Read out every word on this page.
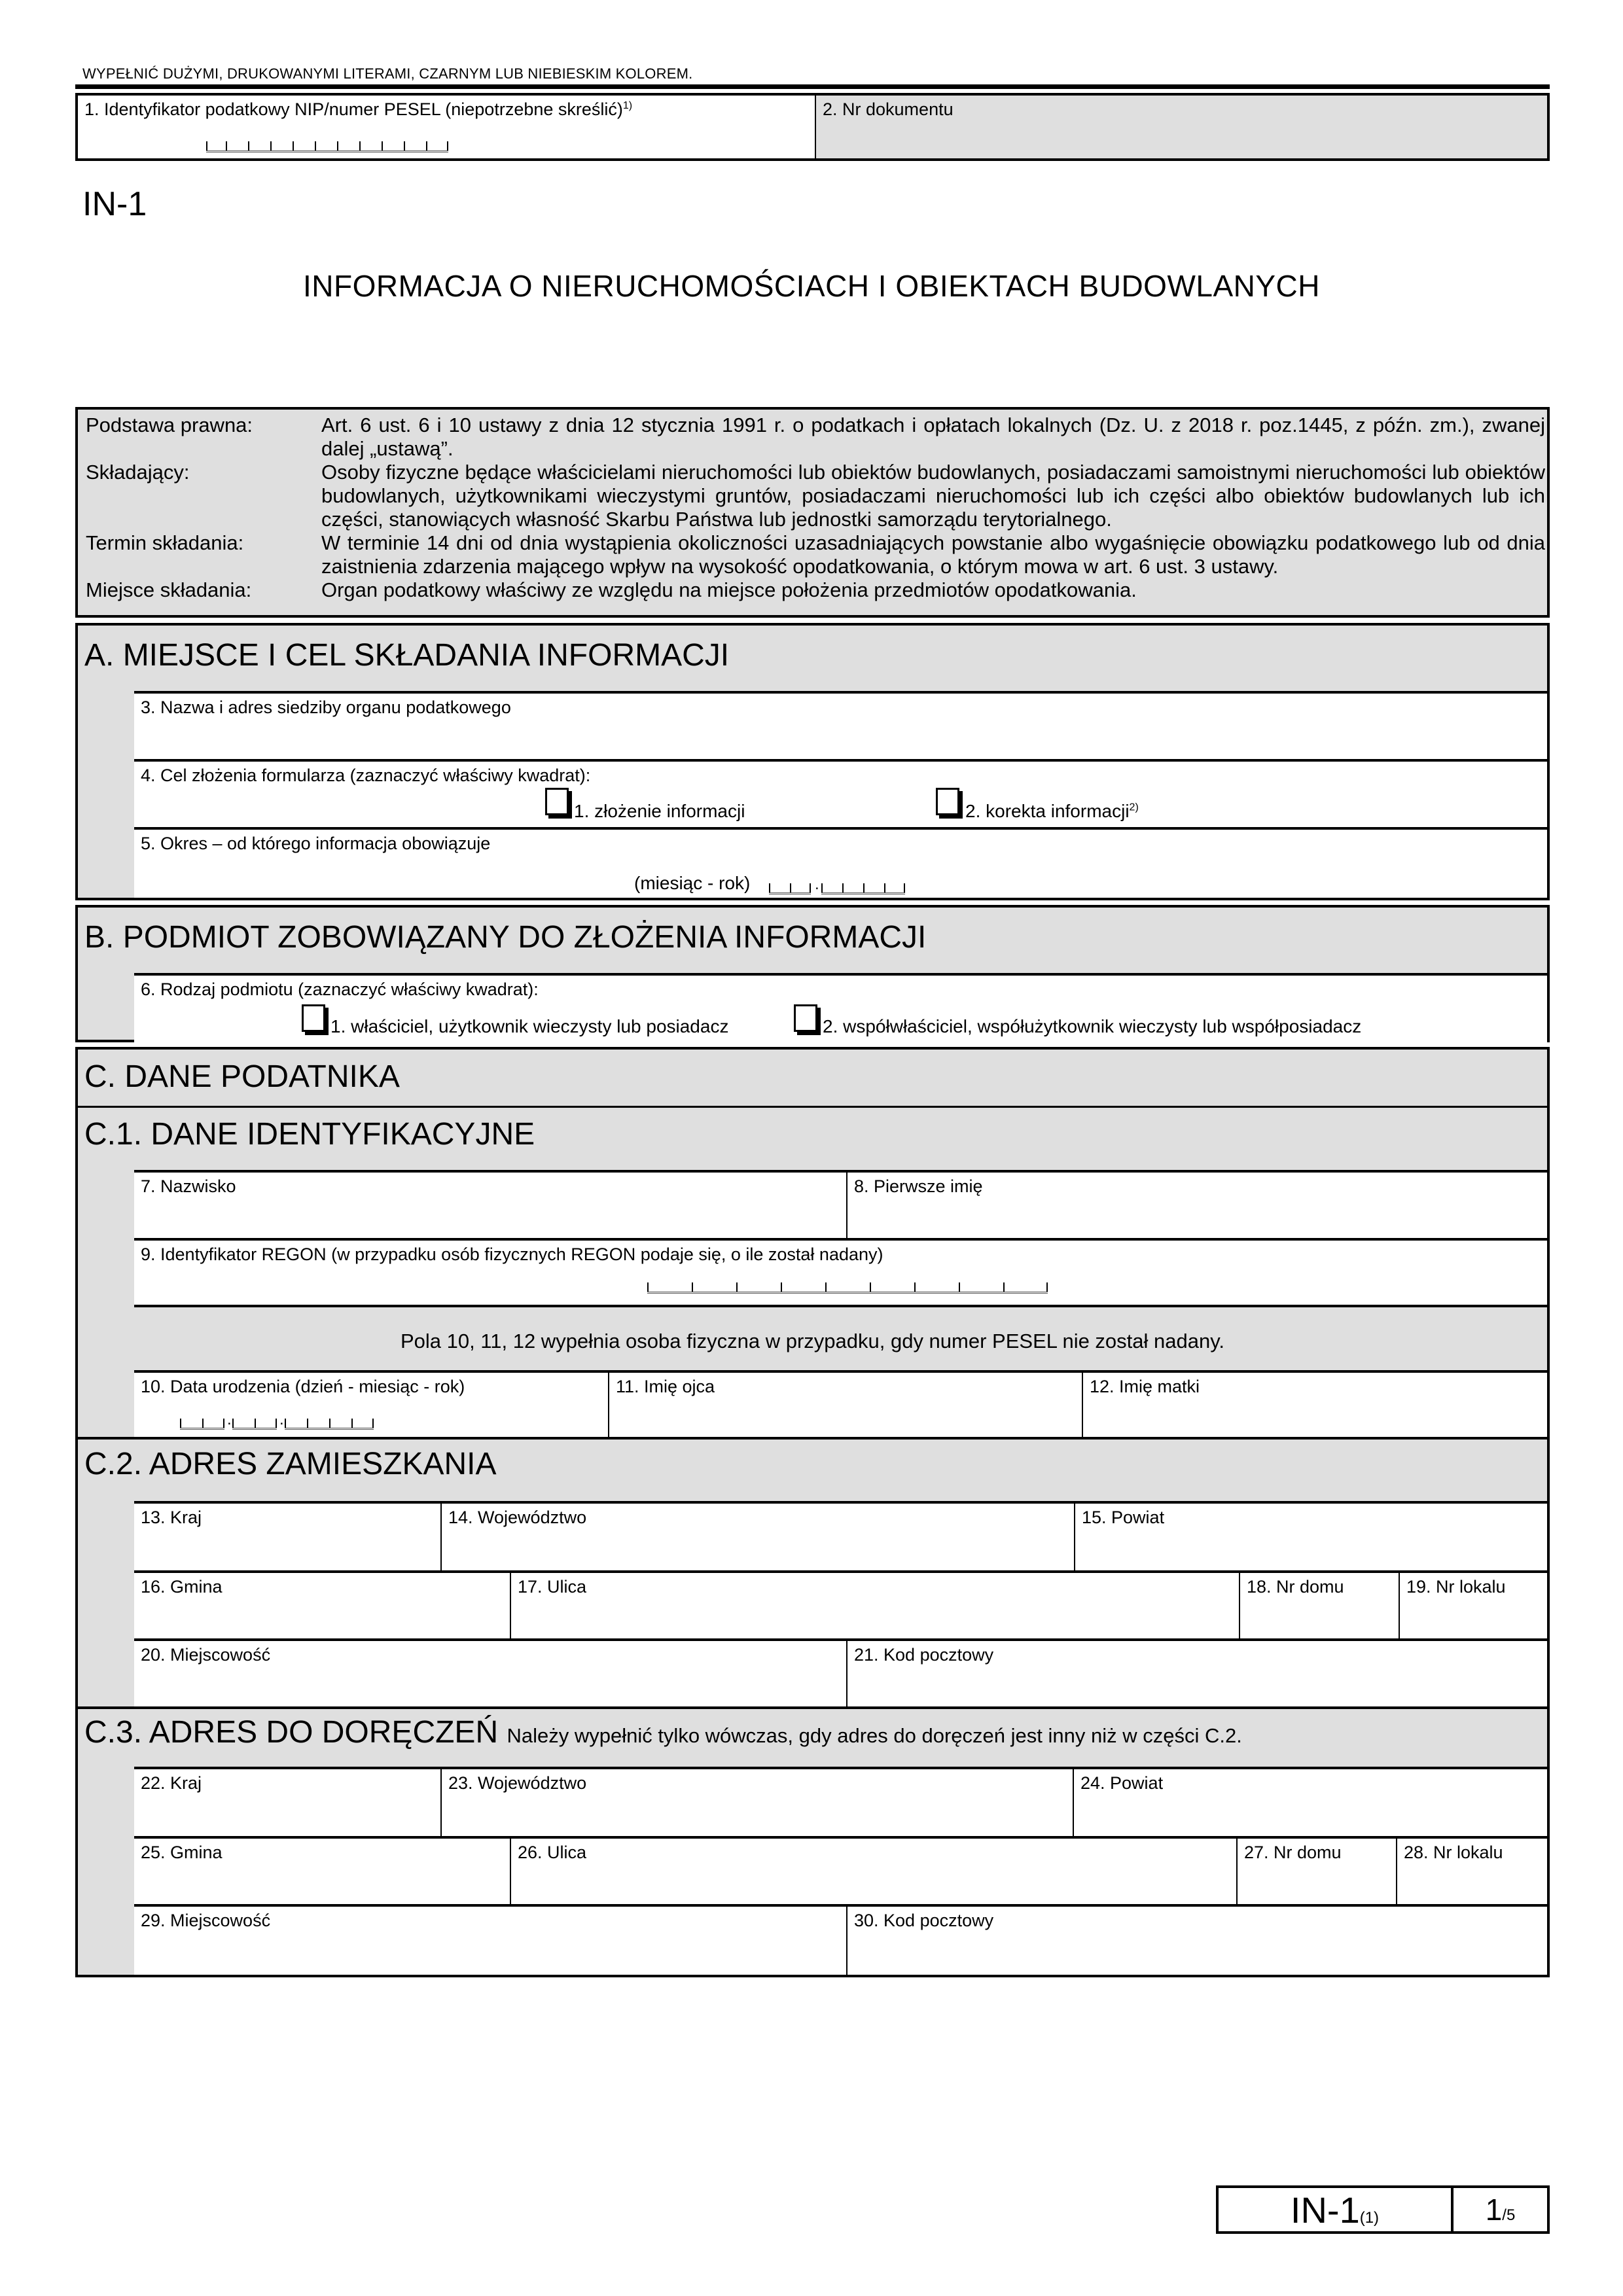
WYPEŁNIĆ DUŻYMI, DRUKOWANYMI LITERAMI, CZARNYM LUB NIEBIESKIM KOLOREM.
1. Identyfikator podatkowy NIP/numer PESEL (niepotrzebne skreślić)$^{1)}$	2. Nr dokumentu
IN-1
INFORMACJA O NIERUCHOMOŚCIACH I OBIEKTACH BUDOWLANYCH
Podstawa prawna:	Art. 6 ust. 6 i 10 ustawy z dnia 12 stycznia 1991 r. o podatkach i opłatach lokalnych (Dz. U. z 2018 r. poz.1445, z późn. zm.), zwanej dalej „ustawą”.
Składający:	Osoby fizyczne będące właścicielami nieruchomości lub obiektów budowlanych, posiadaczami samoistnymi nieruchomości lub obiektów budowlanych, użytkownikami wieczystymi gruntów, posiadaczami nieruchomości lub ich części albo obiektów budowlanych lub ich części, stanowiących własność Skarbu Państwa lub jednostki samorządu terytorialnego.
Termin składania:	W terminie 14 dni od dnia wystąpienia okoliczności uzasadniających powstanie albo wygaśnięcie obowiązku podatkowego lub od dnia zaistnienia zdarzenia mającego wpływ na wysokość opodatkowania, o którym mowa w art. 6 ust. 3 ustawy.
Miejsce składania:	Organ podatkowy właściwy ze względu na miejsce położenia przedmiotów opodatkowania.
A. MIEJSCE I CEL SKŁADANIA INFORMACJI
3. Nazwa i adres siedziby organu podatkowego
4. Cel złożenia formularza (zaznaczyć właściwy kwadrat):
1. złożenie informacji	2. korekta informacji$^{2)}$
5. Okres – od którego informacja obowiązuje
(miesiąc - rok)	.
B. PODMIOT ZOBOWIĄZANY DO ZŁOŻENIA INFORMACJI
6. Rodzaj podmiotu (zaznaczyć właściwy kwadrat):
1. właściciel, użytkownik wieczysty lub posiadacz	2. współwłaściciel, współużytkownik wieczysty lub współposiadacz
C. DANE PODATNIKA
C.1. DANE IDENTYFIKACYJNE
7. Nazwisko	8. Pierwsze imię
9. Identyfikator REGON (w przypadku osób fizycznych REGON podaje się, o ile został nadany)
Pola 10, 11, 12 wypełnia osoba fizyczna w przypadku, gdy numer PESEL nie został nadany.
10. Data urodzenia (dzień - miesiąc - rok)
.	.
11. Imię ojca	12. Imię matki
C.2. ADRES ZAMIESZKANIA
13. Kraj	14. Województwo	15. Powiat
16. Gmina	17. Ulica	18. Nr domu	19. Nr lokalu
20. Miejscowość	21. Kod pocztowy
C.3. ADRES DO DORĘCZEŃ Należy wypełnić tylko wówczas, gdy adres do doręczeń jest inny niż w części C.2.
22. Kraj	23. Województwo	24. Powiat
25. Gmina	26. Ulica	27. Nr domu	28. Nr lokalu
29. Miejscowość	30. Kod pocztowy
IN-1(1)	1/5
